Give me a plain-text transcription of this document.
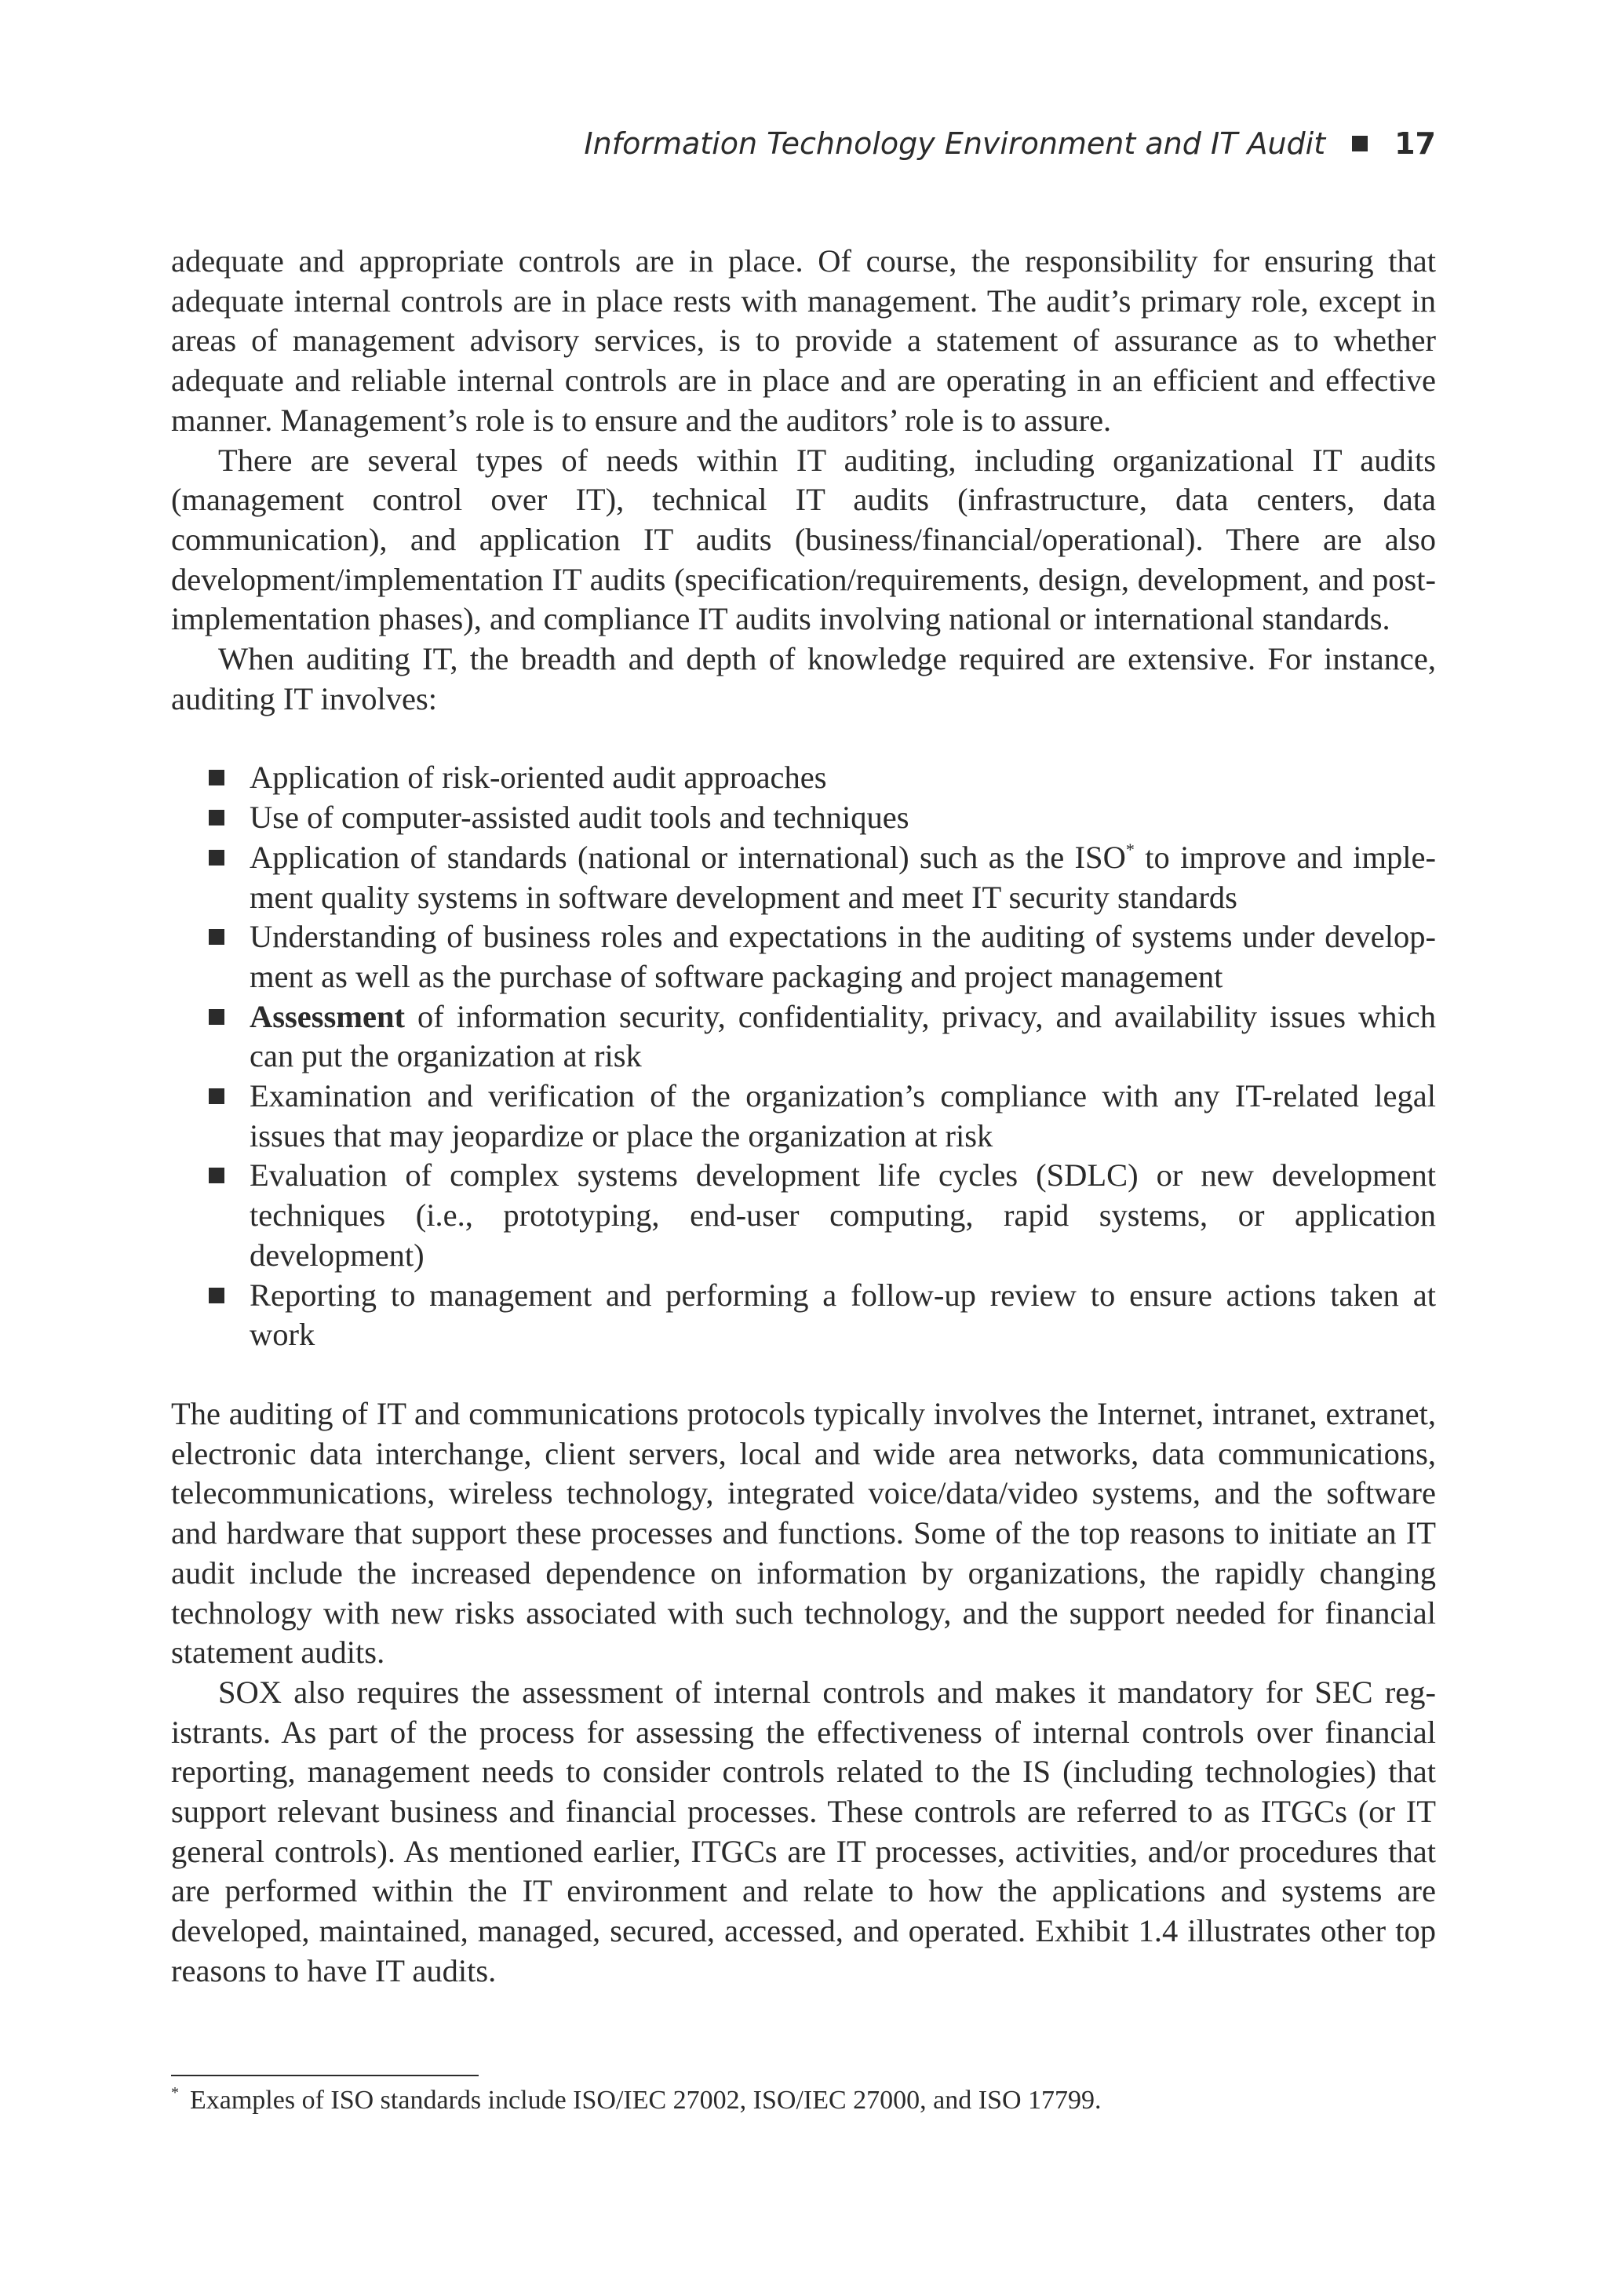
Information Technology Environment and IT Audit 17

adequate and appropriate controls are in place. Of course, the responsibility for ensuring that adequate internal controls are in place rests with management. The audit’s primary role, except in areas of management advisory services, is to provide a statement of assurance as to whether adequate and reliable internal controls are in place and are operating in an efficient and effective manner. Management’s role is to ensure and the auditors’ role is to assure.

There are several types of needs within IT auditing, including organizational IT audits (management control over IT), technical IT audits (infrastructure, data centers, data communication), and application IT audits (business/financial/operational). There are also development/implementation IT audits (specification/requirements, design, development, and post-implementation phases), and compliance IT audits involving national or international standards.

When auditing IT, the breadth and depth of knowledge required are extensive. For instance, auditing IT involves:

Application of risk-oriented audit approaches
Use of computer-assisted audit tools and techniques
Application of standards (national or international) such as the ISO* to improve and implement quality systems in software development and meet IT security standards
Understanding of business roles and expectations in the auditing of systems under development as well as the purchase of software packaging and project management
Assessment of information security, confidentiality, privacy, and availability issues which can put the organization at risk
Examination and verification of the organization’s compliance with any IT-related legal issues that may jeopardize or place the organization at risk
Evaluation of complex systems development life cycles (SDLC) or new development techniques (i.e., prototyping, end-user computing, rapid systems, or application development)
Reporting to management and performing a follow-up review to ensure actions taken at work

The auditing of IT and communications protocols typically involves the Internet, intranet, extranet, electronic data interchange, client servers, local and wide area networks, data communications, telecommunications, wireless technology, integrated voice/data/video systems, and the software and hardware that support these processes and functions. Some of the top reasons to initiate an IT audit include the increased dependence on information by organizations, the rapidly changing technology with new risks associated with such technology, and the support needed for financial statement audits.

SOX also requires the assessment of internal controls and makes it mandatory for SEC registrants. As part of the process for assessing the effectiveness of internal controls over financial reporting, management needs to consider controls related to the IS (including technologies) that support relevant business and financial processes. These controls are referred to as ITGCs (or IT general controls). As mentioned earlier, ITGCs are IT processes, activities, and/or procedures that are performed within the IT environment and relate to how the applications and systems are developed, maintained, managed, secured, accessed, and operated. Exhibit 1.4 illustrates other top reasons to have IT audits.

* Examples of ISO standards include ISO/IEC 27002, ISO/IEC 27000, and ISO 17799.
